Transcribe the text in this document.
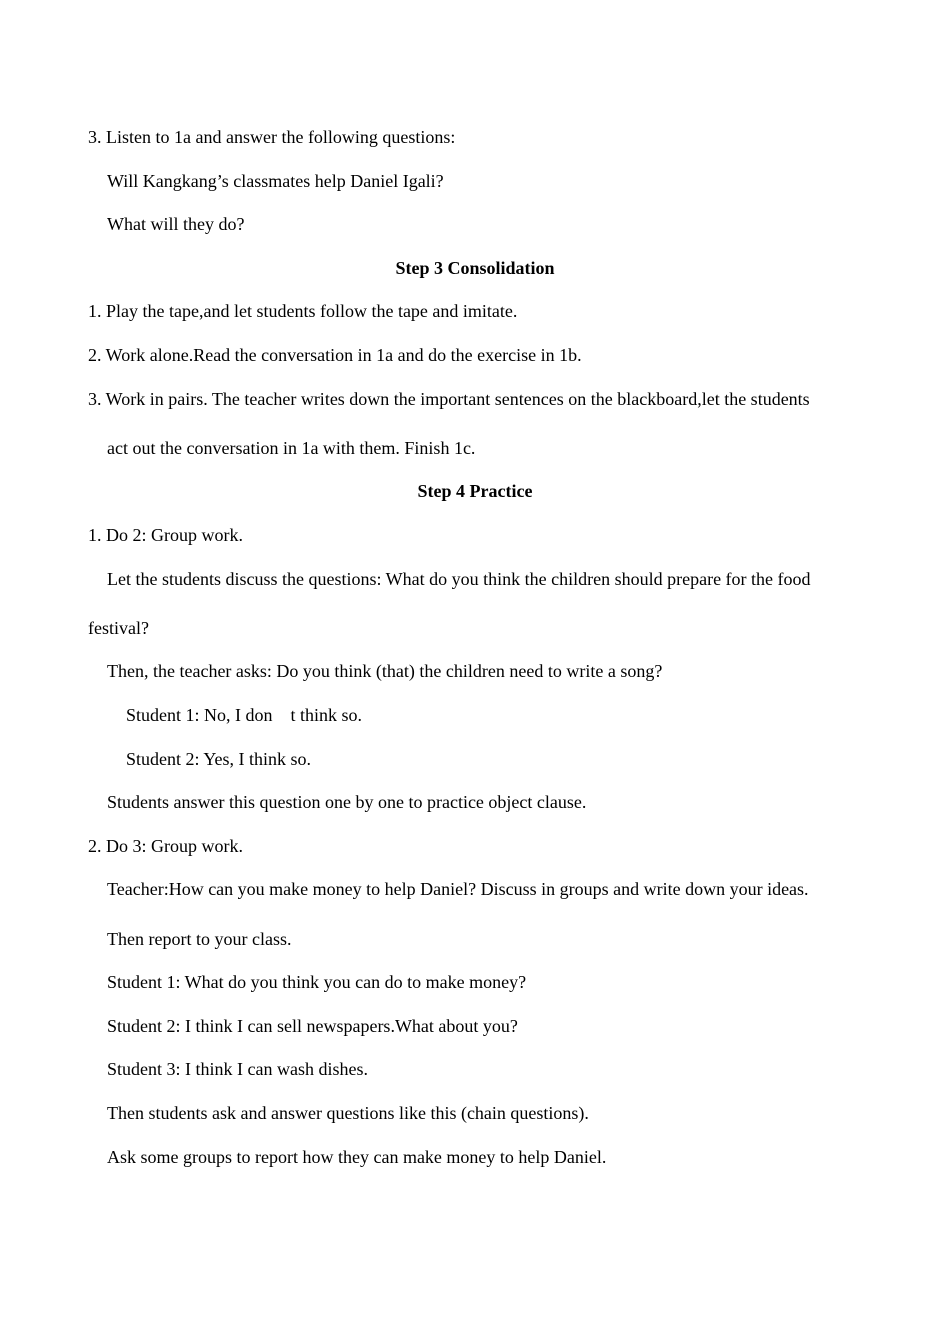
3. Listen to 1a and answer the following questions:
Will Kangkang’s classmates help Daniel Igali?
What will they do?
Step 3 Consolidation
1. Play the tape,and let students follow the tape and imitate.
2. Work alone.Read the conversation in 1a and do the exercise in 1b.
3. Work in pairs. The teacher writes down the important sentences on the blackboard,let the students
act out the conversation in 1a with them. Finish 1c.
Step 4 Practice
1. Do 2: Group work.
Let the students discuss the questions: What do you think the children should prepare for the food
festival?
Then, the teacher asks: Do you think (that) the children need to write a song?
Student 1: No, I don    t think so.
Student 2: Yes, I think so.
Students answer this question one by one to practice object clause.
2. Do 3: Group work.
Teacher:How can you make money to help Daniel? Discuss in groups and write down your ideas.
Then report to your class.
Student 1: What do you think you can do to make money?
Student 2: I think I can sell newspapers.What about you?
Student 3: I think I can wash dishes.
Then students ask and answer questions like this (chain questions).
Ask some groups to report how they can make money to help Daniel.
